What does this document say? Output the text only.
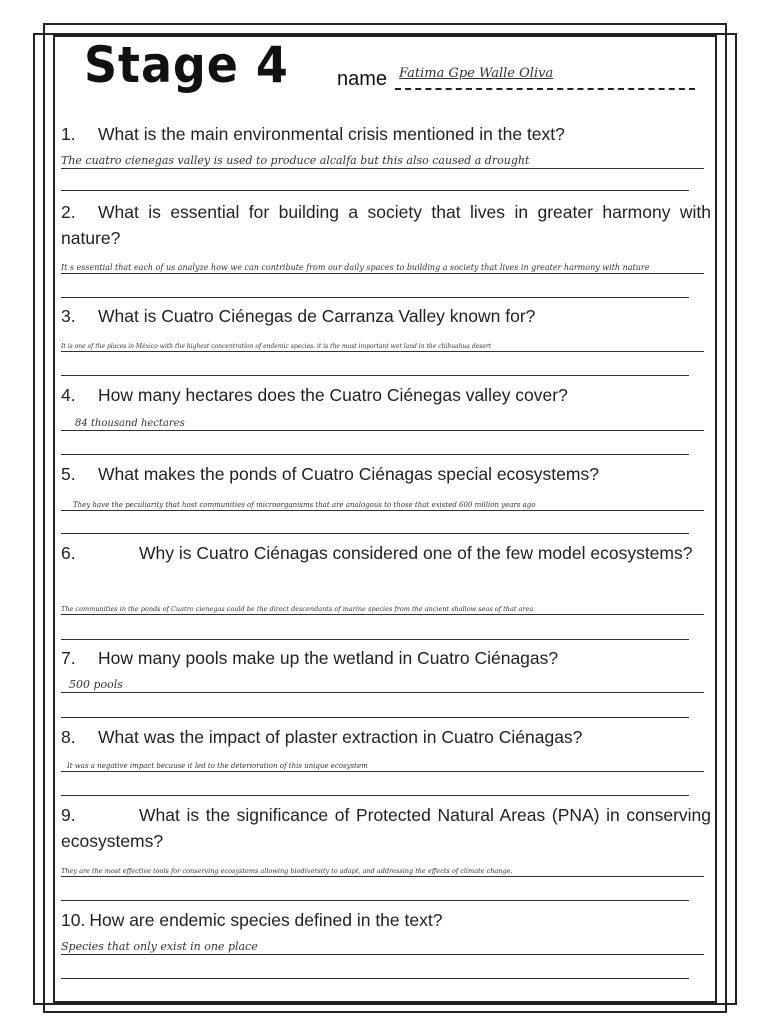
Stage 4 name Fatima Gpe Walle Oliva
1. What is the main environmental crisis mentioned in the text?
The cuatro cienegas valley is used to produce alcalfa but this also caused a drought
2. What is essential for building a society that lives in greater harmony with nature?
It s essential that each of us analyze how we can contribute from our daily spaces to building a society that lives in greater harmony with nature
3. What is Cuatro Ciénegas de Carranza Valley known for?
It is one of the places in México with the highest concentration of endemic species. it is the most important wet land in the chihuahua desert
4. How many hectares does the Cuatro Ciénegas valley cover?
84 thousand hectares
5. What makes the ponds of Cuatro Ciénagas special ecosystems?
They have the peculiarity that host communities of microorganisms that are analogous to those that existed 600 million years ago
6.	Why is Cuatro Ciénagas considered one of the few model ecosystems?
The communities in the ponds of Cuatro cienegas could be the direct descendants of marine species from the ancient shallow seas of that area
7. How many pools make up the wetland in Cuatro Ciénagas?
500 pools
8. What was the impact of plaster extraction in Cuatro Ciénagas?
It was a negative impact because it led to the deterioration of this unique ecosystem
9.	What is the significance of Protected Natural Areas (PNA) in conserving ecosystems?
They are the most effective tools for conserving ecosystems allowing biodiversity to adapt, and addressing the effects of climate change.
10. How are endemic species defined in the text?
Species that only exist in one place
